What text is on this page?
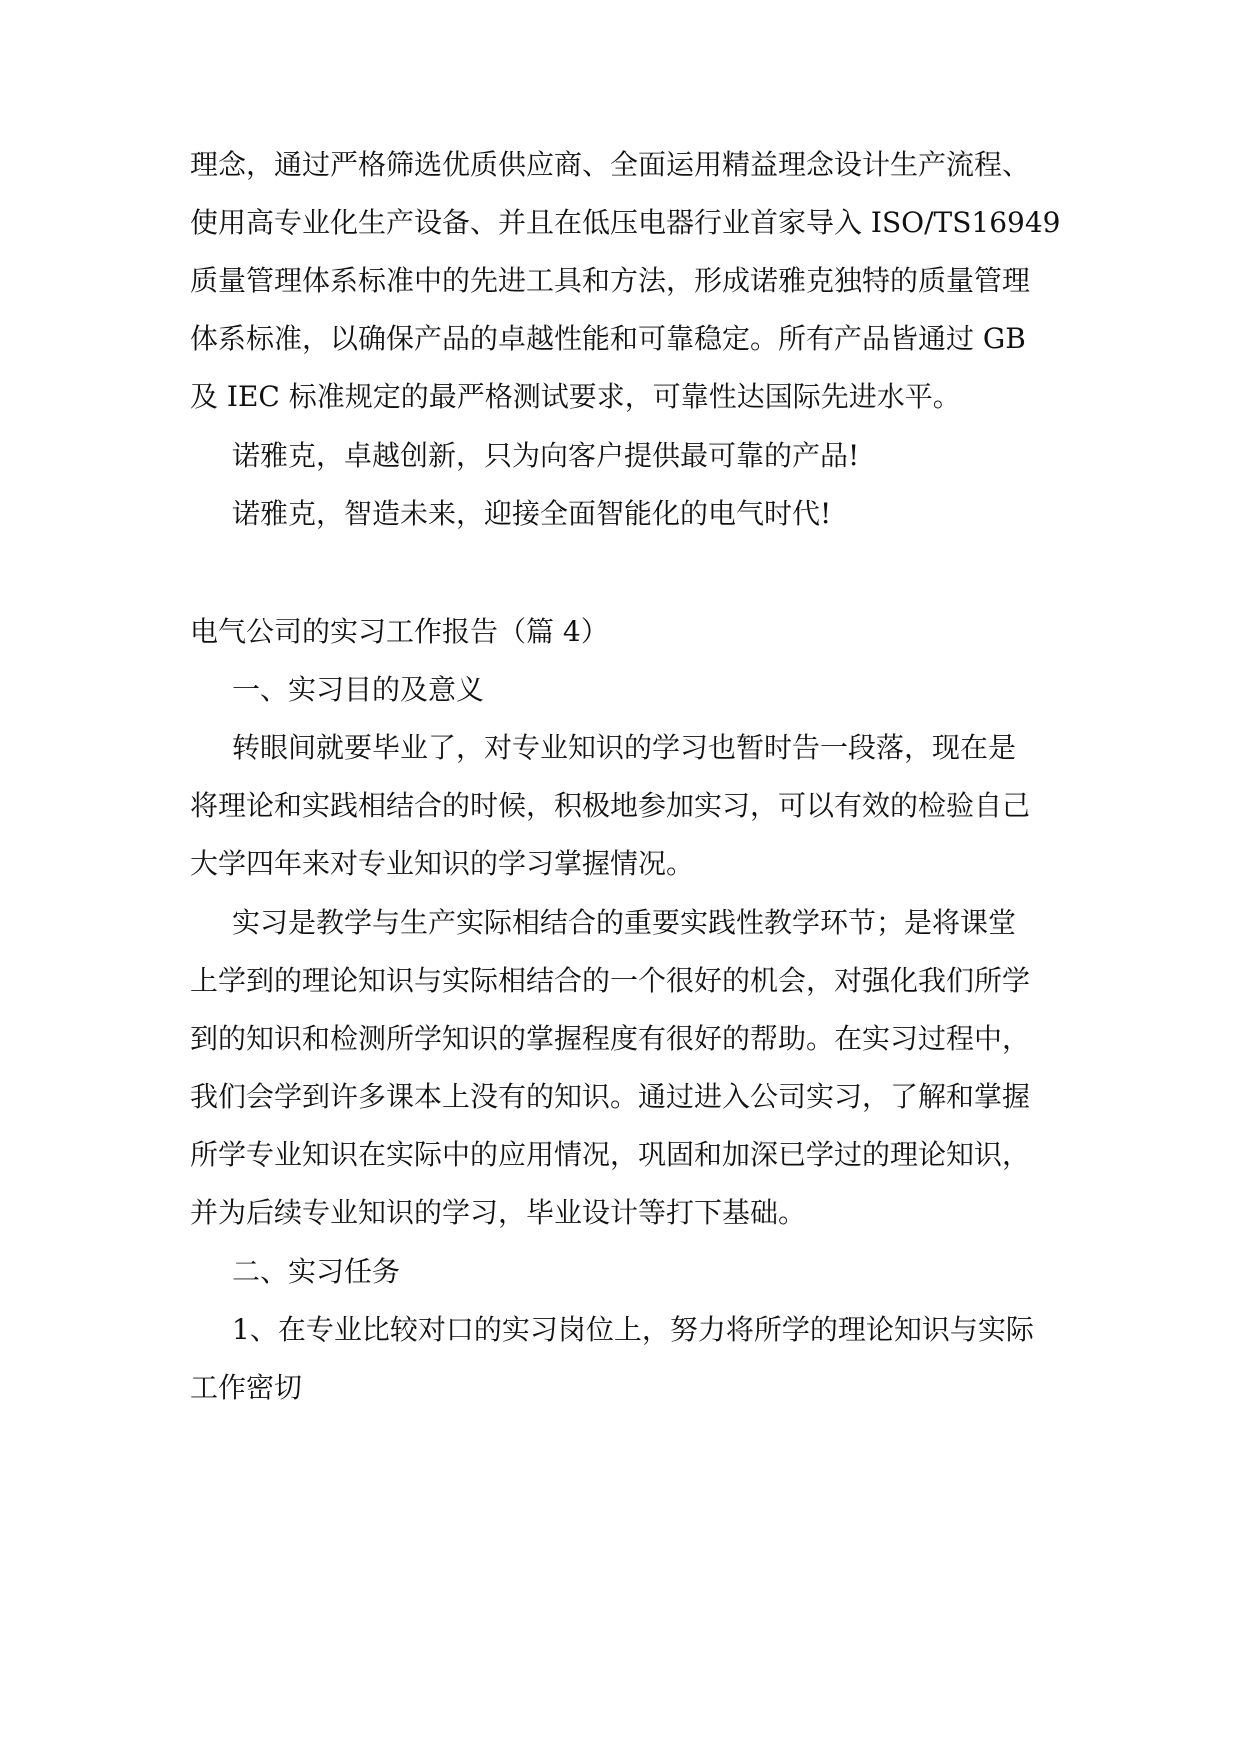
理念，通过严格筛选优质供应商、全面运用精益理念设计生产流程、
使用高专业化生产设备、并且在低压电器行业首家导入 ISO/TS16949
质量管理体系标准中的先进工具和方法，形成诺雅克独特的质量管理
体系标准，以确保产品的卓越性能和可靠稳定。所有产品皆通过 GB
及 IEC 标准规定的最严格测试要求，可靠性达国际先进水平。
诺雅克，卓越创新，只为向客户提供最可靠的产品!
诺雅克，智造未来，迎接全面智能化的电气时代!
电气公司的实习工作报告（篇 4）
一、实习目的及意义
转眼间就要毕业了，对专业知识的学习也暂时告一段落，现在是
将理论和实践相结合的时候，积极地参加实习，可以有效的检验自己
大学四年来对专业知识的学习掌握情况。
实习是教学与生产实际相结合的重要实践性教学环节；是将课堂
上学到的理论知识与实际相结合的一个很好的机会，对强化我们所学
到的知识和检测所学知识的掌握程度有很好的帮助。在实习过程中，
我们会学到许多课本上没有的知识。通过进入公司实习，了解和掌握
所学专业知识在实际中的应用情况，巩固和加深已学过的理论知识，
并为后续专业知识的学习，毕业设计等打下基础。
二、实习任务
1、在专业比较对口的实习岗位上，努力将所学的理论知识与实际
工作密切
